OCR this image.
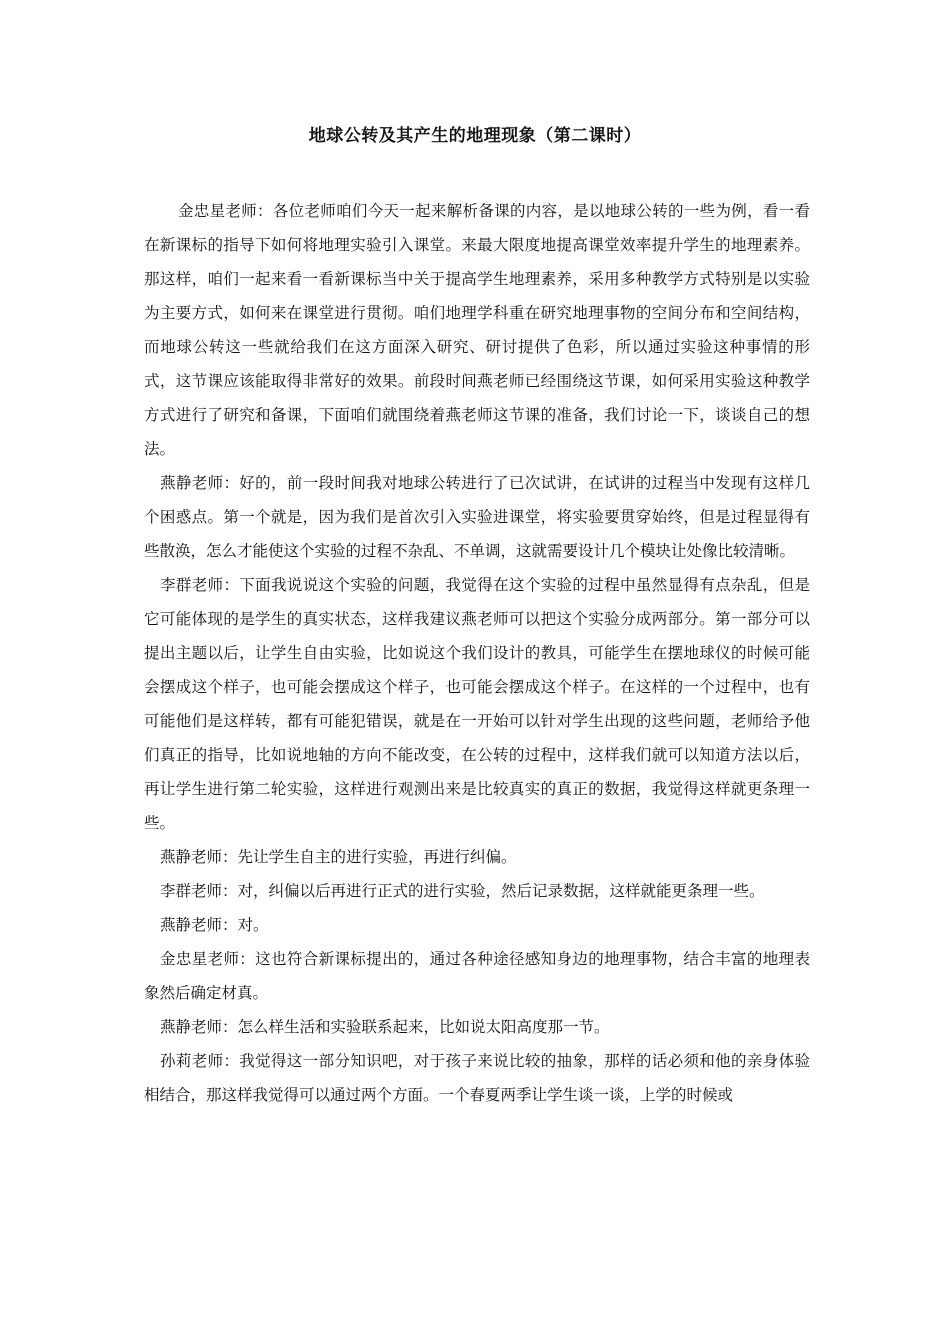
地球公转及其产生的地理现象（第二课时）

金忠星老师：各位老师咱们今天一起来解析备课的内容，是以地球公转的一些为例，看一看在新课标的指导下如何将地理实验引入课堂。来最大限度地提高课堂效率提升学生的地理素养。那这样，咱们一起来看一看新课标当中关于提高学生地理素养，采用多种教学方式特别是以实验为主要方式，如何来在课堂进行贯彻。咱们地理学科重在研究地理事物的空间分布和空间结构，而地球公转这一些就给我们在这方面深入研究、研讨提供了色彩，所以通过实验这种事情的形式，这节课应该能取得非常好的效果。前段时间燕老师已经围绕这节课，如何采用实验这种教学方式进行了研究和备课，下面咱们就围绕着燕老师这节课的准备，我们讨论一下，谈谈自己的想法。

燕静老师：好的，前一段时间我对地球公转进行了已次试讲，在试讲的过程当中发现有这样几个困惑点。第一个就是，因为我们是首次引入实验进课堂，将实验要贯穿始终，但是过程显得有些散涣，怎么才能使这个实验的过程不杂乱、不单调，这就需要设计几个模块让处像比较清晰。

李群老师：下面我说说这个实验的问题，我觉得在这个实验的过程中虽然显得有点杂乱，但是它可能体现的是学生的真实状态，这样我建议燕老师可以把这个实验分成两部分。第一部分可以提出主题以后，让学生自由实验，比如说这个我们设计的教具，可能学生在摆地球仪的时候可能会摆成这个样子，也可能会摆成这个样子，也可能会摆成这个样子。在这样的一个过程中，也有可能他们是这样转，都有可能犯错误，就是在一开始可以针对学生出现的这些问题，老师给予他们真正的指导，比如说地轴的方向不能改变，在公转的过程中，这样我们就可以知道方法以后，再让学生进行第二轮实验，这样进行观测出来是比较真实的真正的数据，我觉得这样就更条理一些。

燕静老师：先让学生自主的进行实验，再进行纠偏。

李群老师：对，纠偏以后再进行正式的进行实验，然后记录数据，这样就能更条理一些。

燕静老师：对。

金忠星老师：这也符合新课标提出的，通过各种途径感知身边的地理事物，结合丰富的地理表象然后确定材真。

燕静老师：怎么样生活和实验联系起来，比如说太阳高度那一节。

孙莉老师：我觉得这一部分知识吧，对于孩子来说比较的抽象，那样的话必须和他的亲身体验相结合，那这样我觉得可以通过两个方面。一个春夏两季让学生谈一谈，上学的时候或
